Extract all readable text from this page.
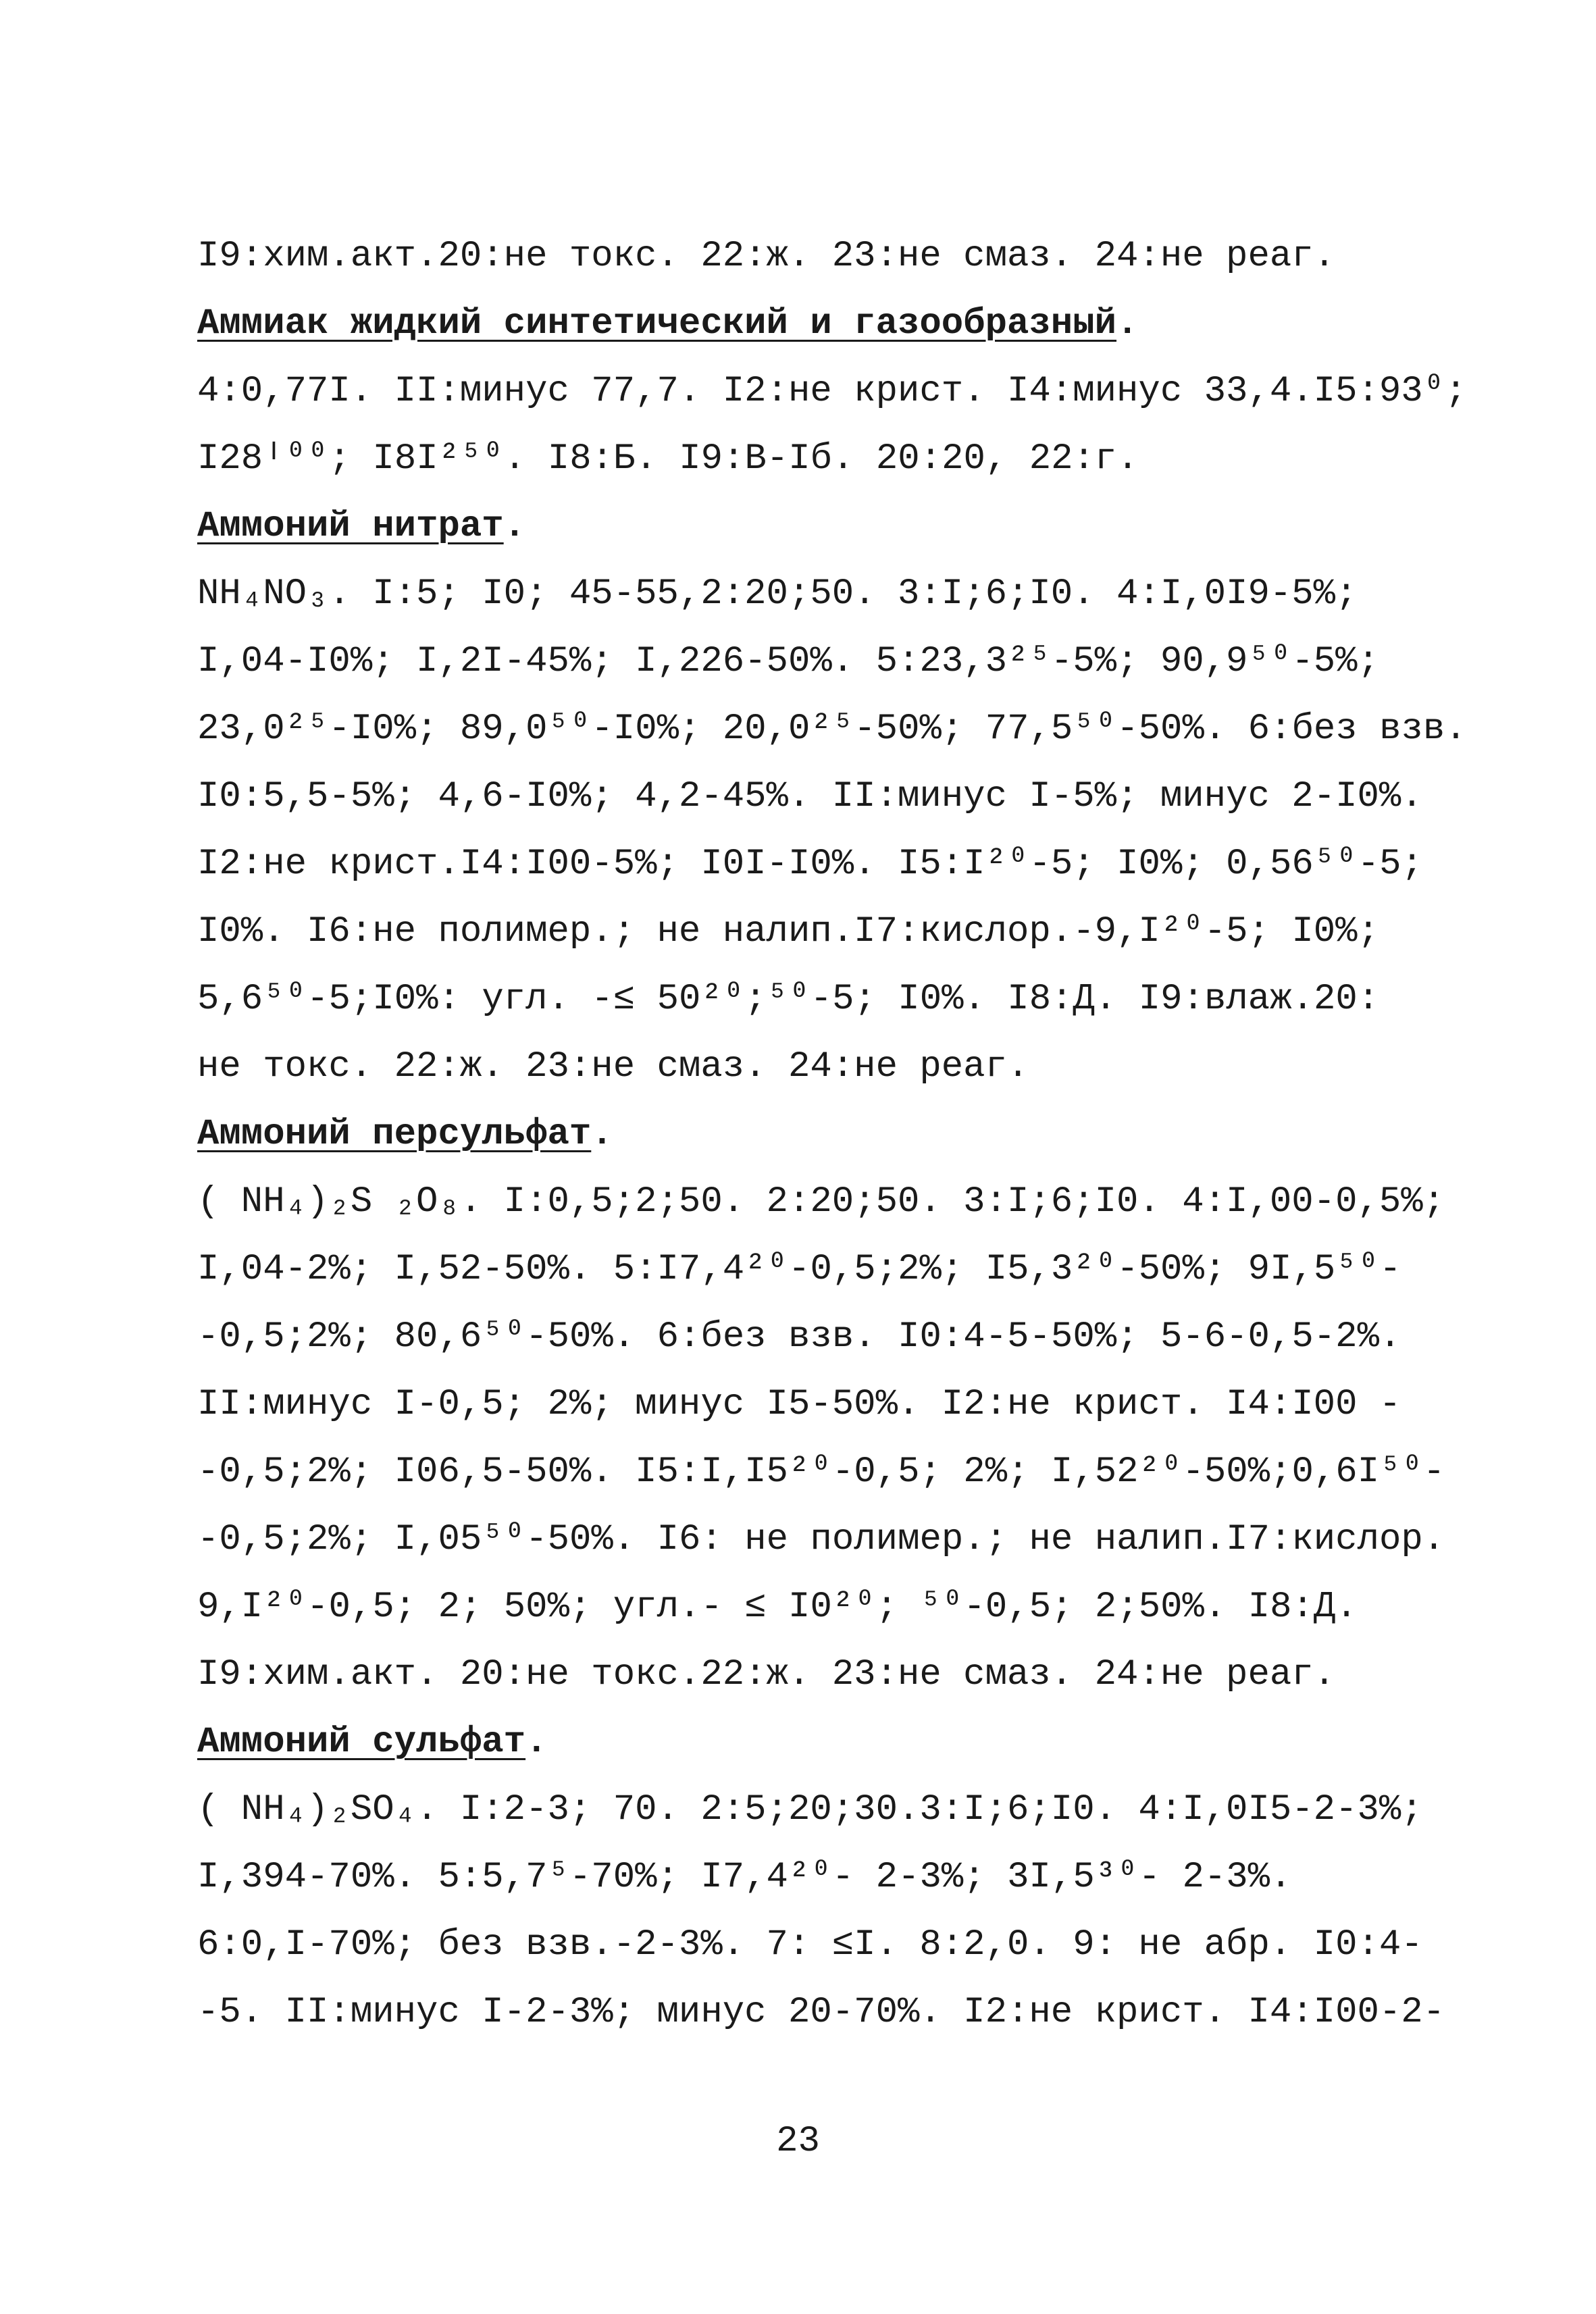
I9:хим.акт.20:не токс. 22:ж. 23:не смаз. 24:не реаг.
Аммиак жидкий синтетический и газообразный.
4:0,77I. II:минус 77,7. I2:не крист. I4:минус 33,4.I5:93⁰;
I28ᴵ⁰⁰; I8I²⁵⁰. I8:Б. I9:В-Iб. 20:20, 22:г.
Аммоний нитрат.
NH₄NO₃. I:5; I0; 45-55,2:20;50. 3:I;6;I0. 4:I,0I9-5%;
I,04-I0%; I,2I-45%; I,226-50%. 5:23,3²⁵-5%; 90,9⁵⁰-5%;
23,0²⁵-I0%; 89,0⁵⁰-I0%; 20,0²⁵-50%; 77,5⁵⁰-50%. 6:без взв.
I0:5,5-5%; 4,6-I0%; 4,2-45%. II:минус I-5%; минус 2-I0%.
I2:не крист.I4:I00-5%; I0I-I0%. I5:I²⁰-5; I0%; 0,56⁵⁰-5;
I0%. I6:не полимер.; не налип.I7:кислор.-9,I²⁰-5; I0%;
5,6⁵⁰-5;I0%: угл. -≤ 50²⁰;⁵⁰-5; I0%. I8:Д. I9:влаж.20:
не токс. 22:ж. 23:не смаз. 24:не реаг.
Аммоний персульфат.
( NH₄)₂S ₂O₈. I:0,5;2;50. 2:20;50. 3:I;6;I0. 4:I,00-0,5%;
I,04-2%; I,52-50%. 5:I7,4²⁰-0,5;2%; I5,3²⁰-50%; 9I,5⁵⁰-
-0,5;2%; 80,6⁵⁰-50%. 6:без взв. I0:4-5-50%; 5-6-0,5-2%.
II:минус I-0,5; 2%; минус I5-50%. I2:не крист. I4:I00 -
-0,5;2%; I06,5-50%. I5:I,I5²⁰-0,5; 2%; I,52²⁰-50%;0,6I⁵⁰-
-0,5;2%; I,05⁵⁰-50%. I6: не полимер.; не налип.I7:кислор.
9,I²⁰-0,5; 2; 50%; угл.- ≤ I0²⁰; ⁵⁰-0,5; 2;50%. I8:Д.
I9:хим.акт. 20:не токс.22:ж. 23:не смаз. 24:не реаг.
Аммоний сульфат.
( NH₄)₂SO₄. I:2-3; 70. 2:5;20;30.3:I;6;I0. 4:I,0I5-2-3%;
I,394-70%. 5:5,7⁵-70%; I7,4²⁰- 2-3%; 3I,5³⁰- 2-3%.
6:0,I-70%; без взв.-2-3%. 7: ≤I. 8:2,0. 9: не абр. I0:4-
-5. II:минус I-2-3%; минус 20-70%. I2:не крист. I4:I00-2-
23
